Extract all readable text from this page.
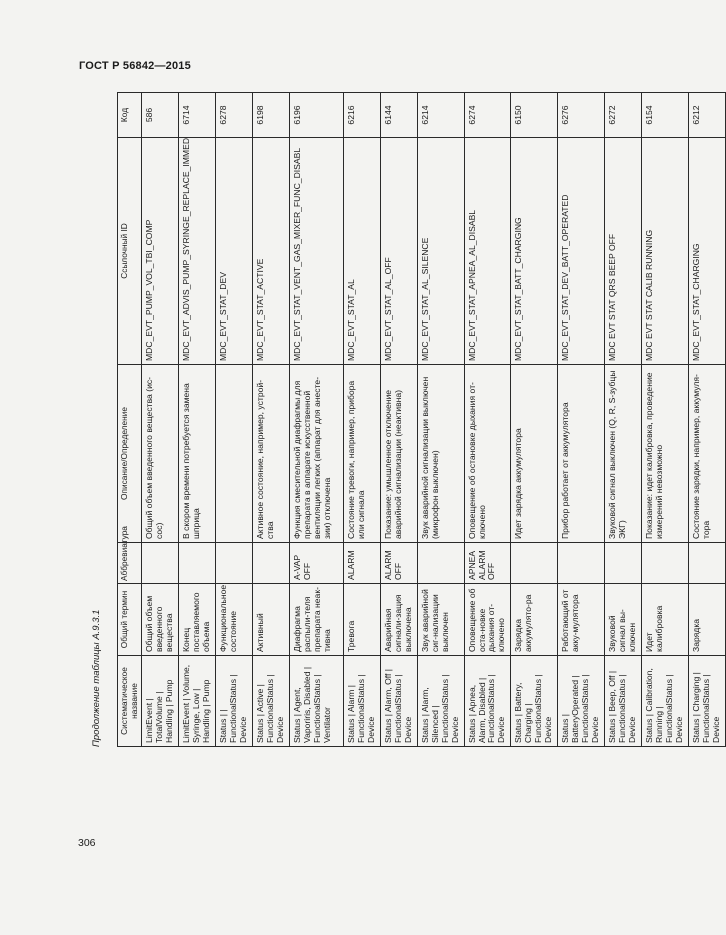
ГОСТ Р 56842—2015
Продолжение таблицы A.9.3.1 Систематическое название	Общий термин	Аббревиатура	Описание/Определение	Ссылочный ID	Код
LimitEvent | TotalVolume | Handling | Pump	Общий объем введенного вещества		Общий объем введенного вещества (ис-сос)	MDC_EVT_PUMP_VOL_TBI_COMP	586
LimitEvent | Volume, Syringe, Low | Handling | Pump	Конец поставляемого объема		В скором времени потребуется замена шприца	MDC_EVT_ADVIS_PUMP_SYRINGE_REPLACE_IMMED	6714
Status | | FunctionalStatus | Device	Функциональное состояние			MDC_EVT_STAT_DEV	6278
Status | Active | FunctionalStatus | Device	Активный		Активное состояние, например, устрой-ства	MDC_EVT_STAT_ACTIVE	6198
Status | Agent, Vaporiris, Disabled | FunctionalStatus | Ventilator	Диафрагма распыли-теля препарата неак-тивна	A-VAP OFF	Функция смесительной диафрагмы для препарата в аппарате искусственной вентиляции легких (аппарат для анесте-зии) отключена	MDC_EVT_STAT_VENT_GAS_MIXER_FUNC_DISABL	6196
Status | Alarm | FunctionalStatus | Device	Тревога	ALARM	Состояние тревоги, например, прибора или сигнала	MDC_EVT_STAT_AL	6216
Status | Alarm, Off | FunctionalStatus | Device	Аварийная сигнали-зация выключена	ALARM OFF	Показание: умышленное отключение аварийной сигнализации (неактивна)	MDC_EVT_STAT_AL_OFF	6144
Status | Alarm, Silenced | FunctionalStatus | Device	Звук аварийной сиг-нализации выключен		Звук аварийной сигнализации выключен (микрофон выключен)	MDC_EVT_STAT_AL_SILENCE	6214
Status | Apnea, Alarm, Disabled | FunctionalStatus | Device	Оповещение об оста-новке дыхания от-ключено	APNEA ALARM OFF	Оповещение об остановке дыхания от-ключено	MDC_EVT_STAT_APNEA_AL_DISABL	6274
Status | Battery, Charging | FunctionalStatus | Device	Зарядка аккумулято-ра		Идет зарядка аккумулятора	MDC_EVT_STAT_BATT_CHARGING	6150
Status | BatteryOperated | FunctionalStatus | Device	Работающий от акку-мулятора		Прибор работает от аккумулятора	MDC_EVT_STAT_DEV_BATT_OPERATED	6276
Status | Beep, Off | FunctionalStatus | Device	Звуковой сигнал вы-ключен		Звуковой сигнал выключен (Q, R, S-зубцы ЭКГ)	MDC EVT STAT QRS BEEP OFF	6272
Status | Calibration, Running | FunctionalStatus | Device	Идет калибровка		Показание: идет калибровка, проведение измерений невозможно	MDC EVT STAT CALIB RUNNING	6154
Status | Charging | FunctionalStatus | Device	Зарядка		Состояние зарядки, например, аккумуля-тора	MDC_EVT_STAT_CHARGING	6212
306
